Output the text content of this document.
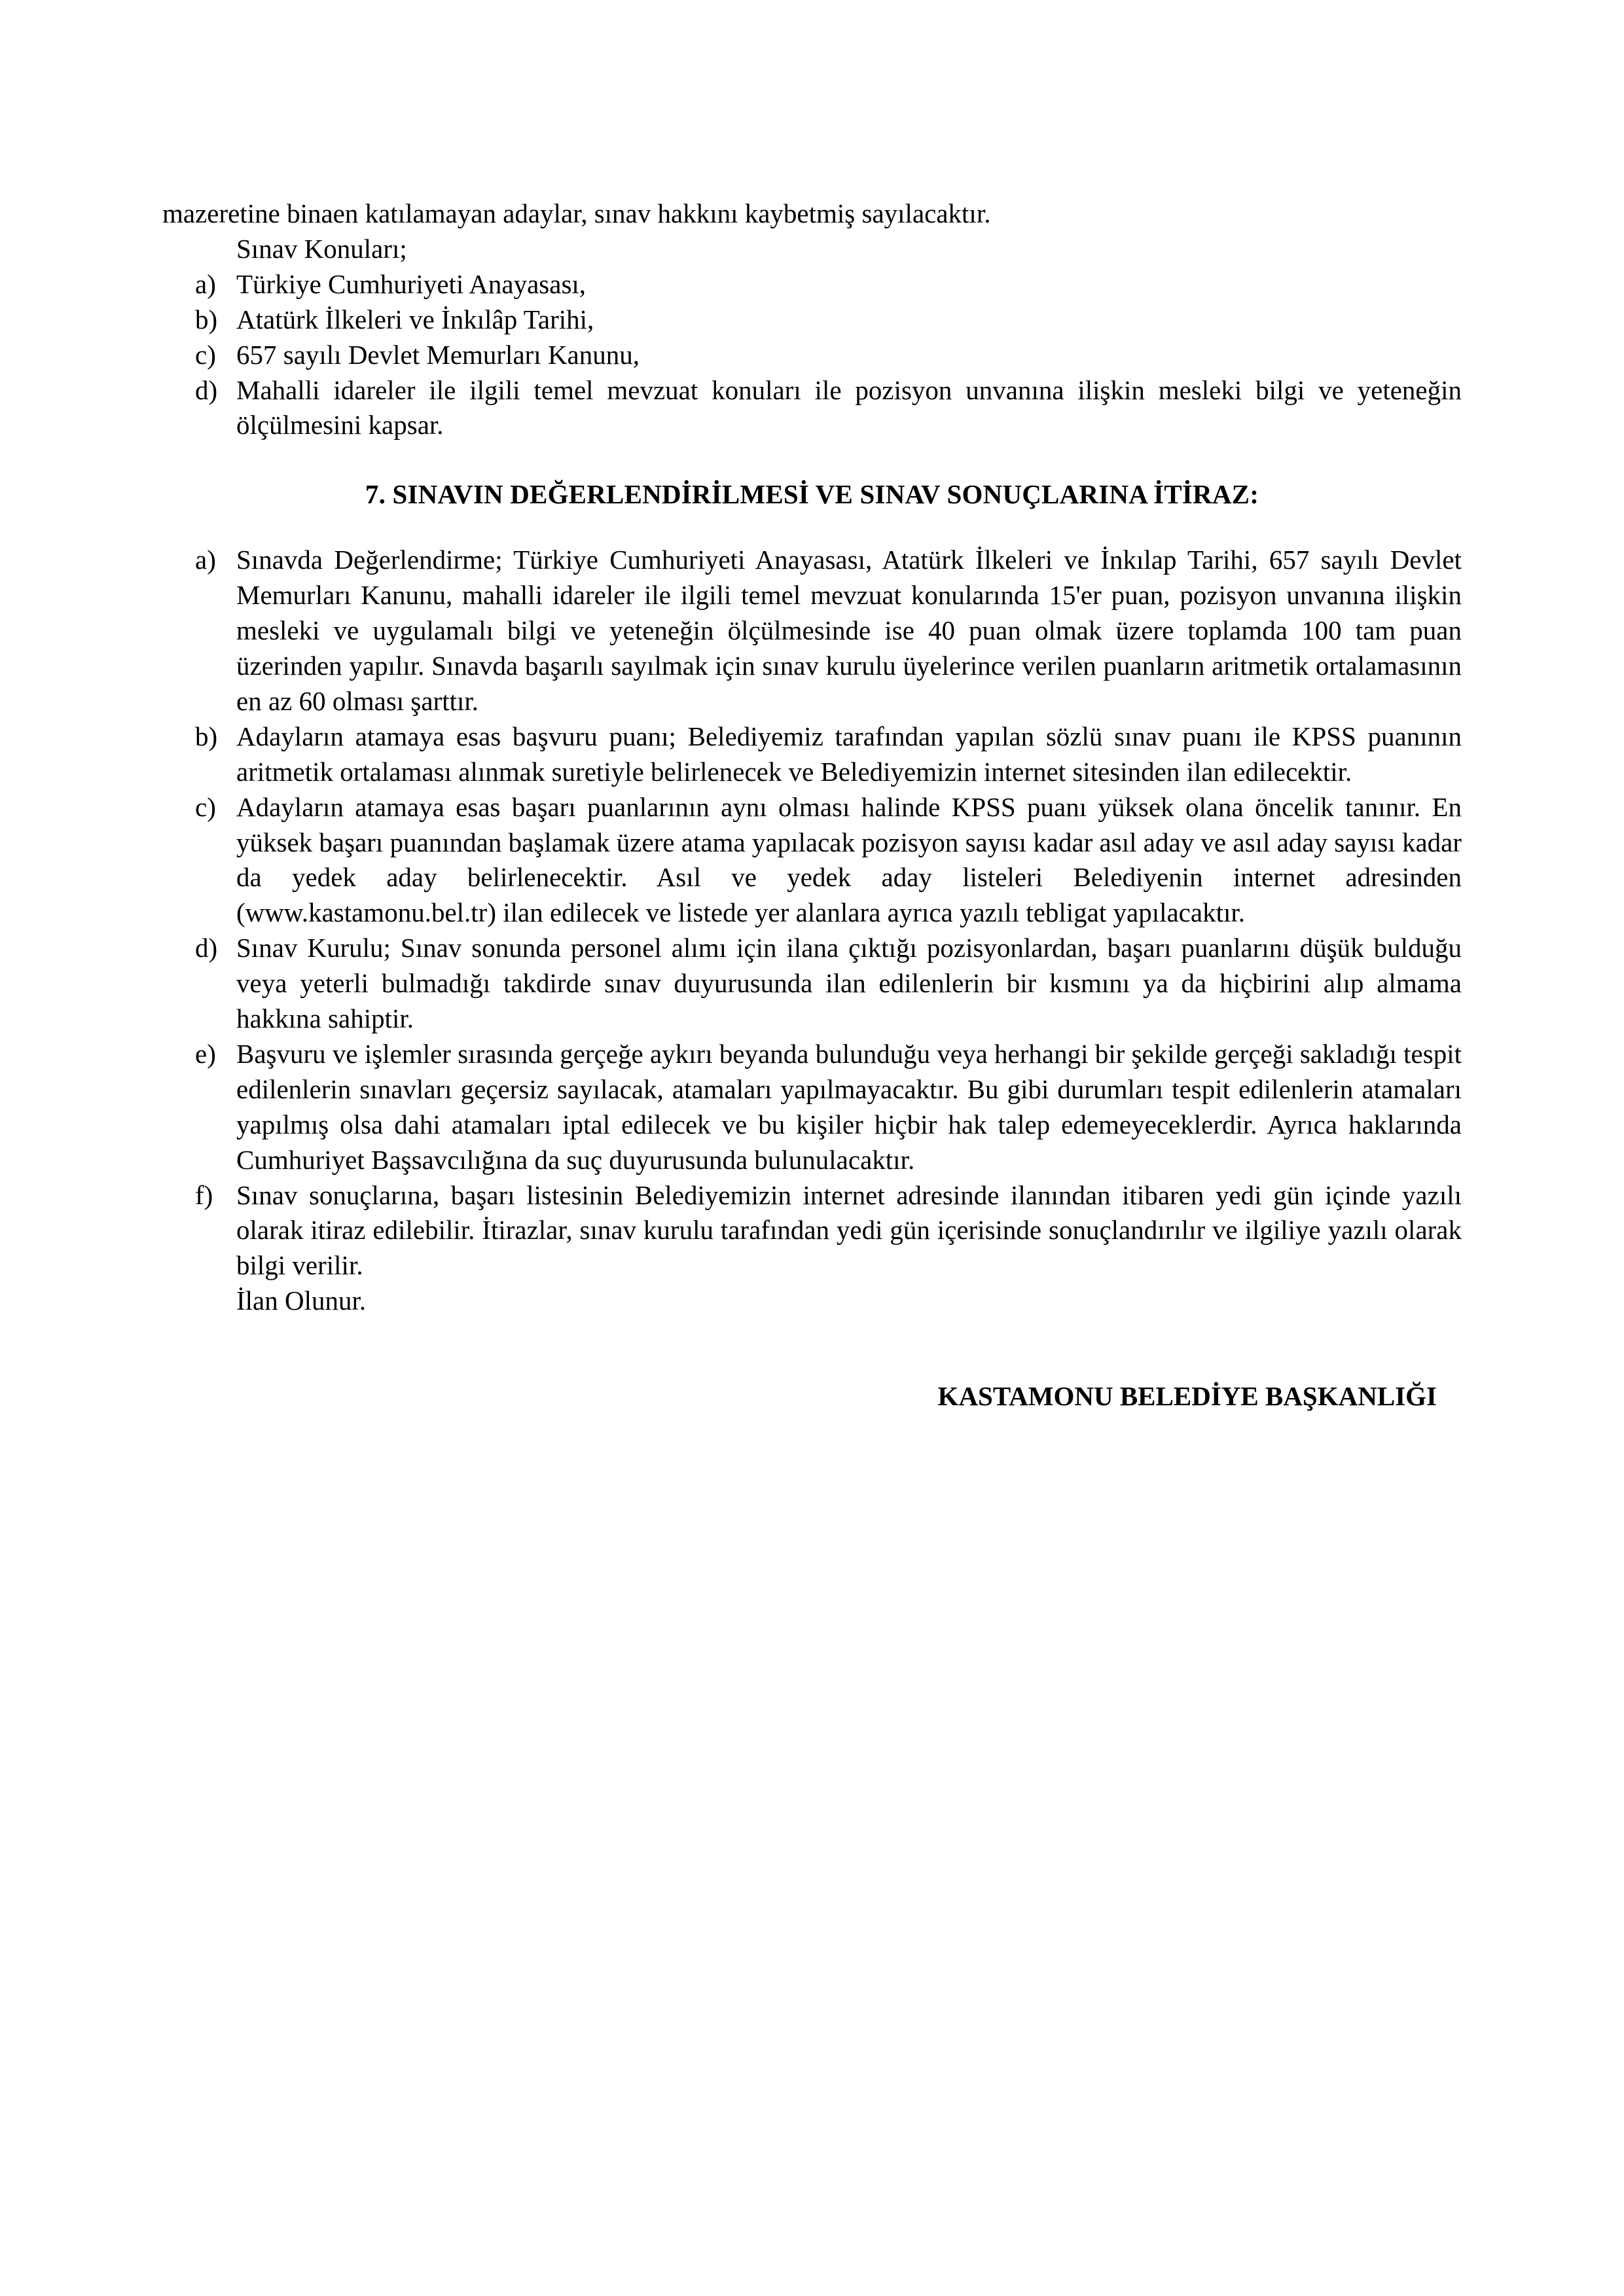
mazeretine binaen katılamayan adaylar, sınav hakkını kaybetmiş sayılacaktır.

Sınav Konuları;

a) Türkiye Cumhuriyeti Anayasası,
b) Atatürk İlkeleri ve İnkılâp Tarihi,
c) 657 sayılı Devlet Memurları Kanunu,
d) Mahalli idareler ile ilgili temel mevzuat konuları ile pozisyon unvanına ilişkin mesleki bilgi ve yeteneğin ölçülmesini kapsar.
7. SINAVIN DEĞERLENDİRİLMESİ VE SINAV SONUÇLARINA İTİRAZ:
a) Sınavda Değerlendirme; Türkiye Cumhuriyeti Anayasası, Atatürk İlkeleri ve İnkılap Tarihi, 657 sayılı Devlet Memurları Kanunu, mahalli idareler ile ilgili temel mevzuat konularında 15'er puan, pozisyon unvanına ilişkin mesleki ve uygulamalı bilgi ve yeteneğin ölçülmesinde ise 40 puan olmak üzere toplamda 100 tam puan üzerinden yapılır. Sınavda başarılı sayılmak için sınav kurulu üyelerince verilen puanların aritmetik ortalamasının en az 60 olması şarttır.
b) Adayların atamaya esas başvuru puanı; Belediyemiz tarafından yapılan sözlü sınav puanı ile KPSS puanının aritmetik ortalaması alınmak suretiyle belirlenecek ve Belediyemizin internet sitesinden ilan edilecektir.
c) Adayların atamaya esas başarı puanlarının aynı olması halinde KPSS puanı yüksek olana öncelik tanınır. En yüksek başarı puanından başlamak üzere atama yapılacak pozisyon sayısı kadar asıl aday ve asıl aday sayısı kadar da yedek aday belirlenecektir. Asıl ve yedek aday listeleri Belediyenin internet adresinden (www.kastamonu.bel.tr) ilan edilecek ve listede yer alanlara ayrıca yazılı tebligat yapılacaktır.
d) Sınav Kurulu; Sınav sonunda personel alımı için ilana çıktığı pozisyonlardan, başarı puanlarını düşük bulduğu veya yeterli bulmadığı takdirde sınav duyurusunda ilan edilenlerin bir kısmını ya da hiçbirini alıp almama hakkına sahiptir.
e) Başvuru ve işlemler sırasında gerçeğe aykırı beyanda bulunduğu veya herhangi bir şekilde gerçeği sakladığı tespit edilenlerin sınavları geçersiz sayılacak, atamaları yapılmayacaktır. Bu gibi durumları tespit edilenlerin atamaları yapılmış olsa dahi atamaları iptal edilecek ve bu kişiler hiçbir hak talep edemeyeceklerdir. Ayrıca haklarında Cumhuriyet Başsavcılığına da suç duyurusunda bulunulacaktır.
f) Sınav sonuçlarına, başarı listesinin Belediyemizin internet adresinde ilanından itibaren yedi gün içinde yazılı olarak itiraz edilebilir. İtirazlar, sınav kurulu tarafından yedi gün içerisinde sonuçlandırılır ve ilgiliye yazılı olarak bilgi verilir.

İlan Olunur.

KASTAMONU BELEDİYE BAŞKANLIĞI
